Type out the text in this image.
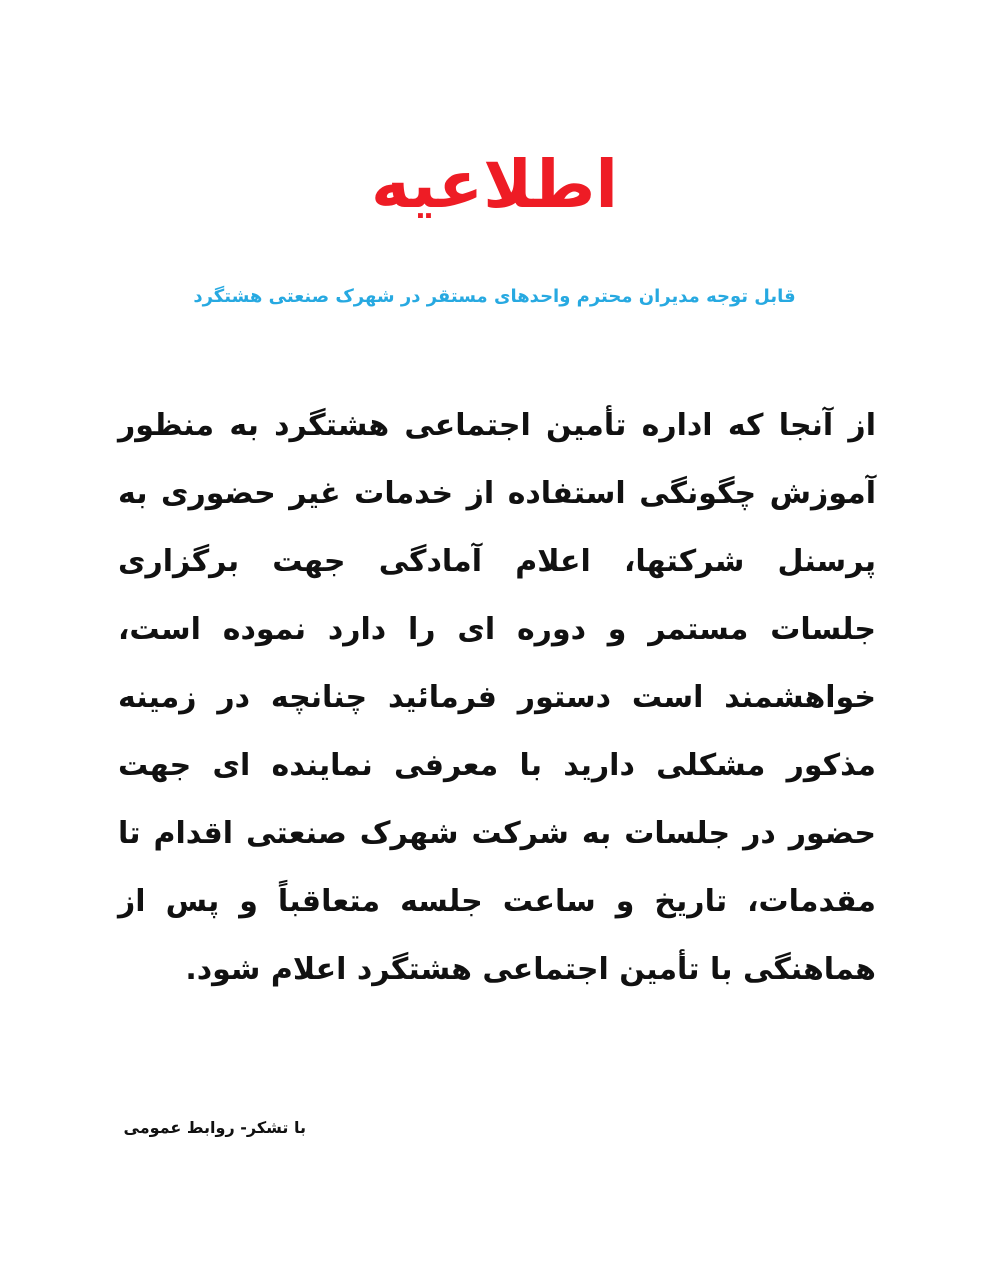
اطلاعیه

قابل توجه مدیران محترم واحدهای مستقر در شهرک صنعتی هشتگرد

از آنجا که اداره تأمین اجتماعی هشتگرد به منظور آموزش چگونگی استفاده از خدمات غیر حضوری به پرسنل شرکتها، اعلام آمادگی جهت برگزاری جلسات مستمر و دوره ای را دارد نموده است، خواهشمند است دستور فرمائید چنانچه در زمینه مذکور مشکلی دارید با معرفی نماینده ای جهت حضور در جلسات به شرکت شهرک صنعتی اقدام تا مقدمات، تاریخ و ساعت جلسه متعاقباً و پس از هماهنگی با تأمین اجتماعی هشتگرد اعلام شود.

با تشکر- روابط عمومی
